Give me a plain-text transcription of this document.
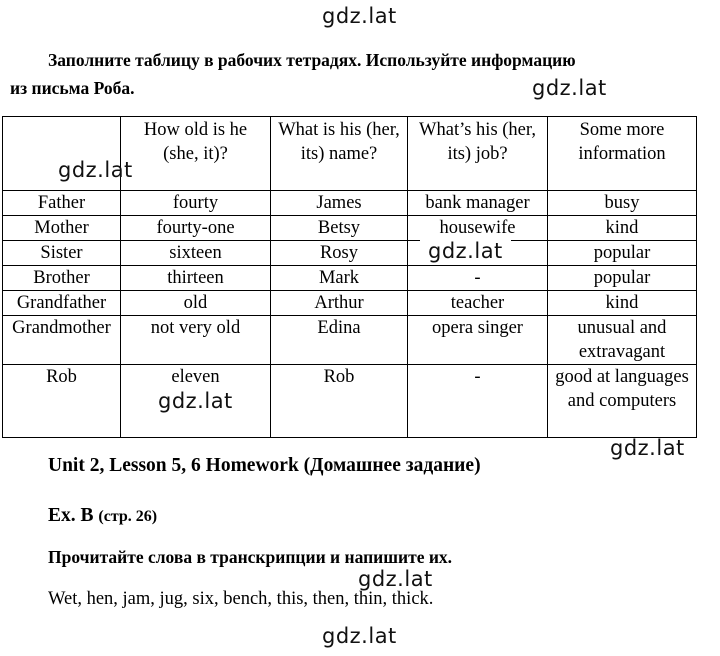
gdz.lat
gdz.lat
gdz.lat
gdz.lat
gdz.lat
gdz.lat
gdz.lat
gdz.lat
Заполните таблицу в рабочих тетрадях. Используйте информацию
из письма Роба.
	How old is he (she, it)?	What is his (her, its) name?	What’s his (her, its) job?	Some more information
Father	fourty	James	bank manager	busy
Mother	fourty-one	Betsy	housewife	kind
Sister	sixteen	Rosy		popular
Brother	thirteen	Mark	-	popular
Grandfather	old	Arthur	teacher	kind
Grandmother	not very old	Edina	opera singer	unusual and extravagant
Rob	eleven	Rob	-	good at languages and computers
Unit 2, Lesson 5, 6 Homework (Домашнее задание)
Ex. B (стр. 26)
Прочитайте слова в транскрипции и напишите их.
Wet, hen, jam, jug, six, bench, this, then, thin, thick.
